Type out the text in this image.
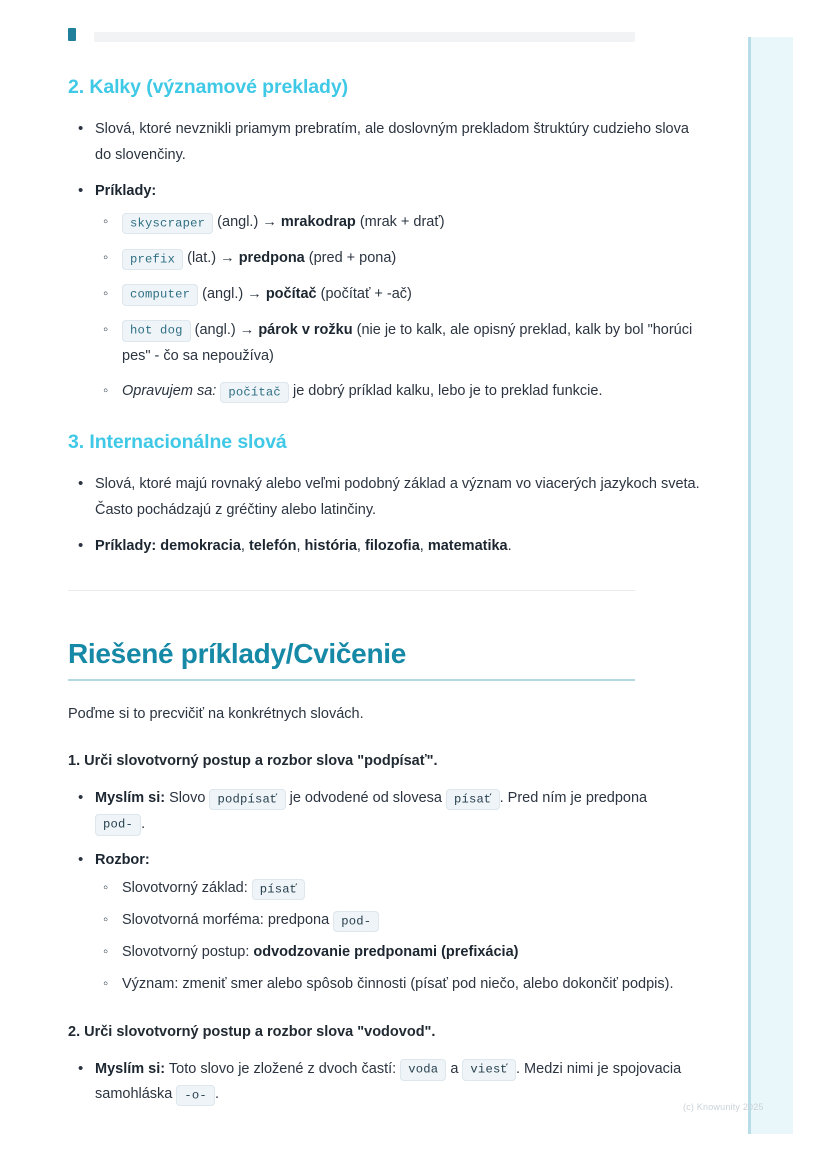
2. Kalky (významové preklady)
• Slová, ktoré nevznikli priamym prebratím, ale doslovným prekladom štruktúry cudzieho slova do slovenčiny.
• Príklady:
◦ skyscraper (angl.) → mrakodrap (mrak + drať)
◦ prefix (lat.) → predpona (pred + pona)
◦ computer (angl.) → počítač (počítať + -ač)
◦ hot dog (angl.) → párok v rožku (nie je to kalk, ale opisný preklad, kalk by bol "horúci pes" - čo sa nepoužíva)
◦ Opravujem sa: počítač je dobrý príklad kalku, lebo je to preklad funkcie.
3. Internacionálne slová
• Slová, ktoré majú rovnaký alebo veľmi podobný základ a význam vo viacerých jazykoch sveta. Často pochádzajú z gréčtiny alebo latinčiny.
• Príklady: demokracia, telefón, história, filozofia, matematika.
Riešené príklady/Cvičenie

Poďme si to precvičiť na konkrétnych slovách.

1. Urči slovotvorný postup a rozbor slova "podpísať".
• Myslím si: Slovo podpísať je odvodené od slovesa písať . Pred ním je predpona pod- .
• Rozbor:
◦ Slovotvorný základ: písať
◦ Slovotvorná morféma: predpona pod-
◦ Slovotvorný postup: odvodzovanie predponami (prefixácia)
◦ Význam: zmeniť smer alebo spôsob činnosti (písať pod niečo, alebo dokončiť podpis).
2. Urči slovotvorný postup a rozbor slova "vodovod".
• Myslím si: Toto slovo je zložené z dvoch častí: voda a viesť . Medzi nimi je spojovacia samohláska -o- .
(c) Knowunity 2025
